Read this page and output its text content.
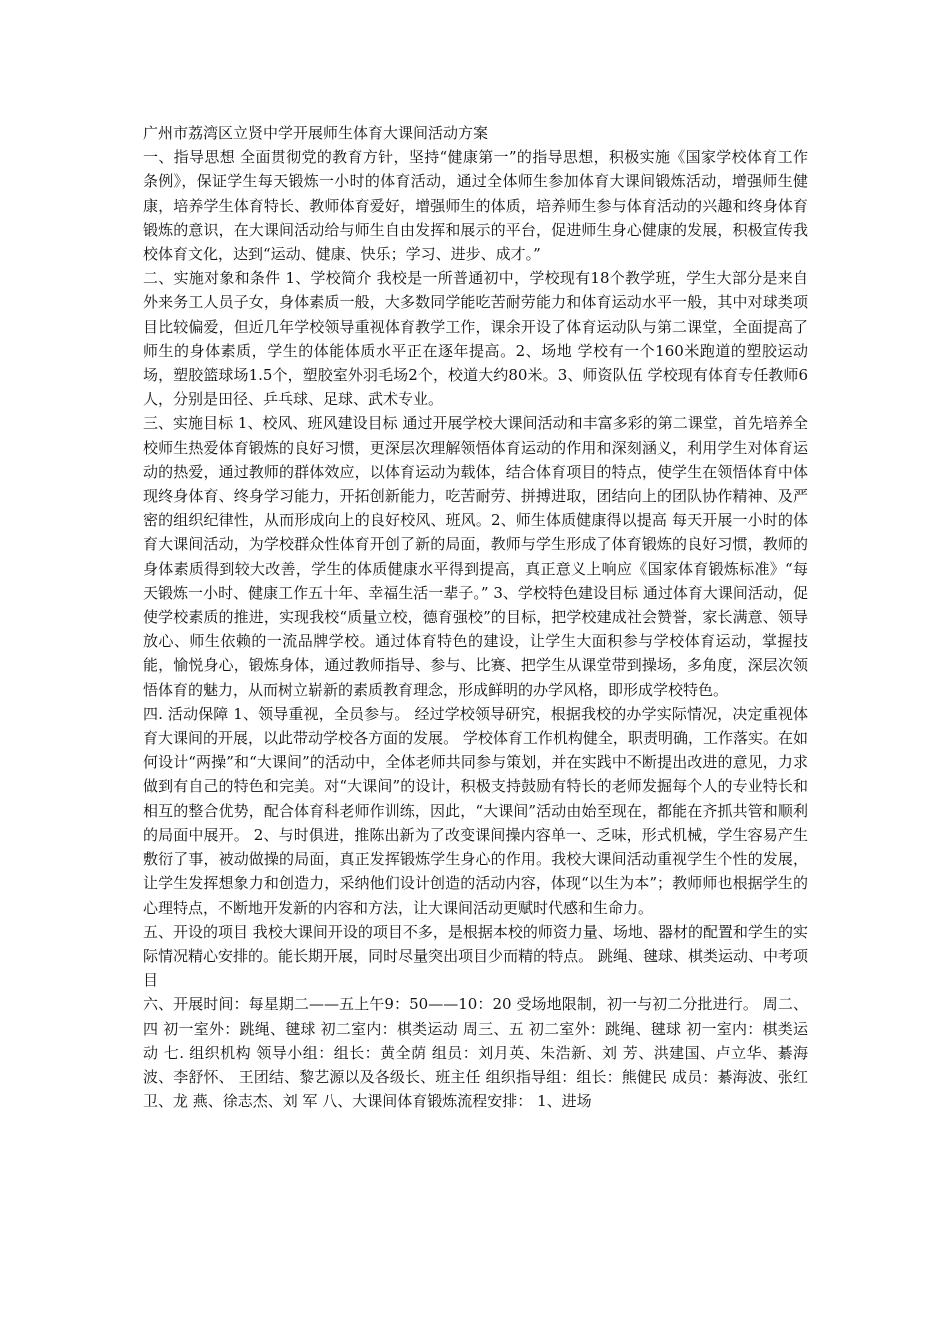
广州市荔湾区立贤中学开展师生体育大课间活动方案

一、指导思想 全面贯彻党的教育方针，坚持“健康第一”的指导思想，积极实施《国家学校体育工作条例》，保证学生每天锻炼一小时的体育活动，通过全体师生参加体育大课间锻炼活动，增强师生健康，培养学生体育特长、教师体育爱好，增强师生的体质，培养师生参与体育活动的兴趣和终身体育锻炼的意识，在大课间活动给与师生自由发挥和展示的平台，促进师生身心健康的发展，积极宣传我校体育文化，达到“运动、健康、快乐；学习、进步、成才。”

二、实施对象和条件 1、学校简介 我校是一所普通初中，学校现有18个教学班，学生大部分是来自外来务工人员子女，身体素质一般，大多数同学能吃苦耐劳能力和体育运动水平一般，其中对球类项目比较偏爱，但近几年学校领导重视体育教学工作，课余开设了体育运动队与第二课堂，全面提高了师生的身体素质，学生的体能体质水平正在逐年提高。2、场地 学校有一个160米跑道的塑胶运动场，塑胶篮球场1.5个，塑胶室外羽毛场2个，校道大约80米。3、师资队伍 学校现有体育专任教师6人，分别是田径、乒乓球、足球、武术专业。

三、实施目标 1、校风、班风建设目标 通过开展学校大课间活动和丰富多彩的第二课堂，首先培养全校师生热爱体育锻炼的良好习惯，更深层次理解领悟体育运动的作用和深刻涵义，利用学生对体育运动的热爱，通过教师的群体效应，以体育运动为载体，结合体育项目的特点，使学生在领悟体育中体现终身体育、终身学习能力，开拓创新能力，吃苦耐劳、拼搏进取，团结向上的团队协作精神、及严密的组织纪律性，从而形成向上的良好校风、班风。2、师生体质健康得以提高 每天开展一小时的体育大课间活动，为学校群众性体育开创了新的局面，教师与学生形成了体育锻炼的良好习惯，教师的身体素质得到较大改善，学生的体质健康水平得到提高，真正意义上响应《国家体育锻炼标准》“每天锻炼一小时、健康工作五十年、幸福生活一辈子。” 3、学校特色建设目标 通过体育大课间活动，促使学校素质的推进，实现我校“质量立校，德育强校”的目标，把学校建成社会赞誉，家长满意、领导放心、师生依赖的一流品牌学校。通过体育特色的建设，让学生大面积参与学校体育运动，掌握技能，愉悦身心，锻炼身体，通过教师指导、参与、比赛、把学生从课堂带到操场，多角度，深层次领悟体育的魅力，从而树立崭新的素质教育理念，形成鲜明的办学风格，即形成学校特色。

四. 活动保障 1、领导重视，全员参与。 经过学校领导研究，根据我校的办学实际情况，决定重视体育大课间的开展，以此带动学校各方面的发展。 学校体育工作机构健全，职责明确，工作落实。在如何设计“两操”和“大课间”的活动中，全体老师共同参与策划，并在实践中不断提出改进的意见，力求做到有自己的特色和完美。对“大课间”的设计，积极支持鼓励有特长的老师发掘每个人的专业特长和相互的整合优势，配合体育科老师作训练，因此，“大课间”活动由始至现在，都能在齐抓共管和顺利的局面中展开。 2、与时俱进，推陈出新为了改变课间操内容单一、乏味，形式机械，学生容易产生敷衍了事，被动做操的局面，真正发挥锻炼学生身心的作用。我校大课间活动重视学生个性的发展，让学生发挥想象力和创造力，采纳他们设计创造的活动内容，体现“以生为本”；教师师也根据学生的心理特点，不断地开发新的内容和方法，让大课间活动更赋时代感和生命力。

五、开设的项目 我校大课间开设的项目不多，是根据本校的师资力量、场地、器材的配置和学生的实际情况精心安排的。能长期开展，同时尽量突出项目少而精的特点。 跳绳、毽球、棋类运动、中考项目

六、开展时间：每星期二——五上午9：50——10：20 受场地限制，初一与初二分批进行。 周二、四 初一室外：跳绳、毽球 初二室内：棋类运动 周三、五 初二室外：跳绳、毽球 初一室内：棋类运动 七. 组织机构 领导小组：组长：黄全荫 组员：刘月英、朱浩新、刘 芳、洪建国、卢立华、綦海波、李舒怀、 王团结、黎艺源以及各级长、班主任 组织指导组：组长：熊健民 成员：綦海波、张红卫、龙 燕、徐志杰、刘 军 八、大课间体育锻炼流程安排： 1、进场
